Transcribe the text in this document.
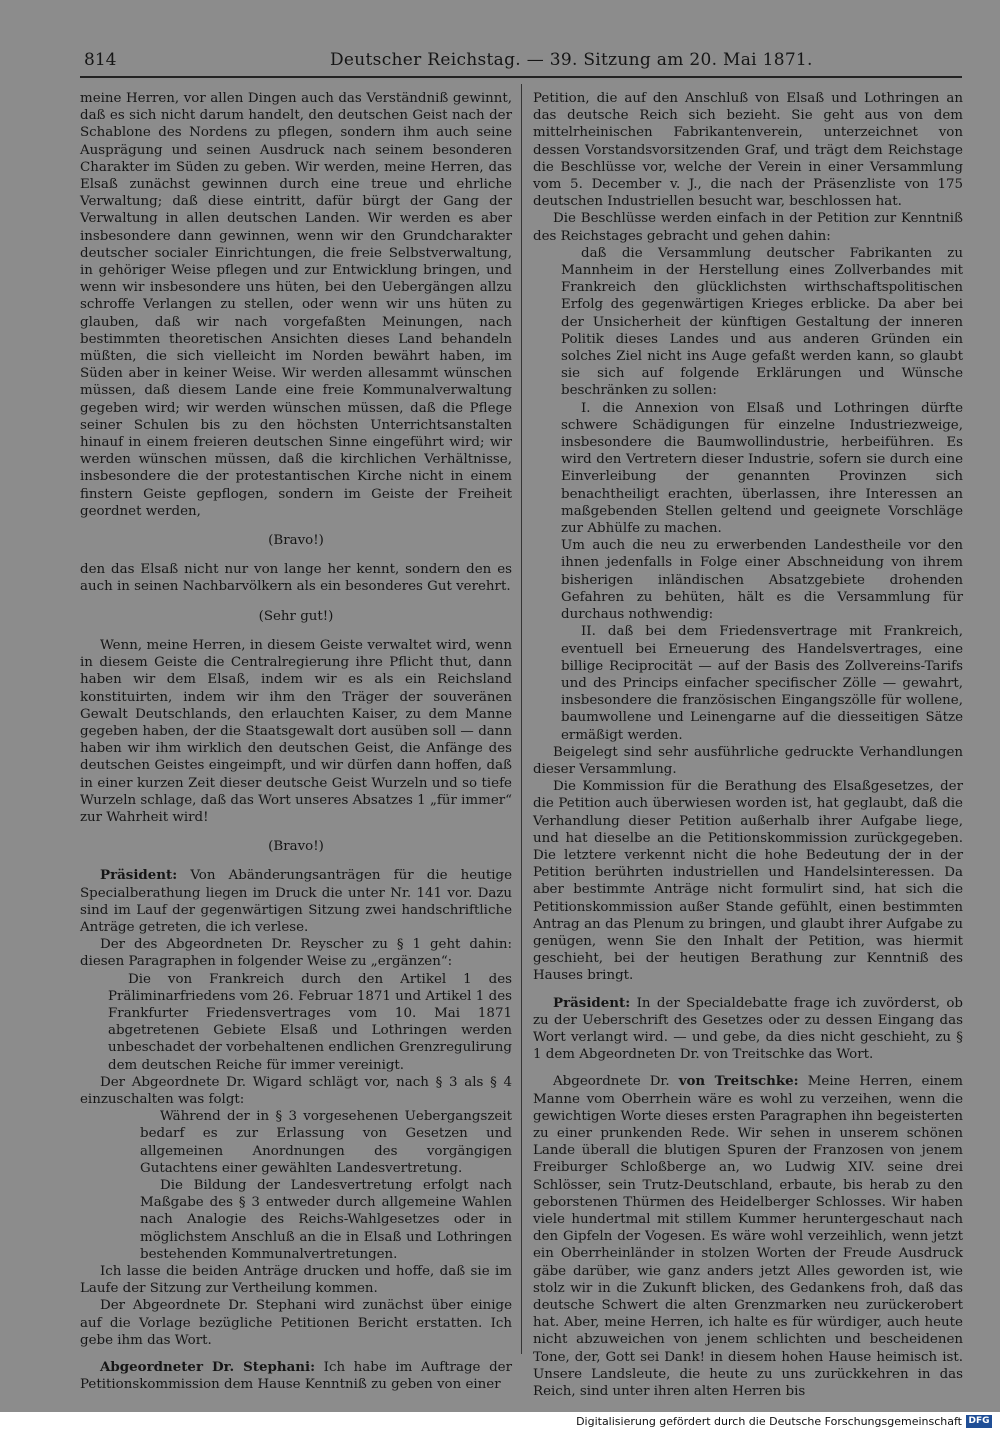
814	Deutscher Reichstag. — 39. Sitzung am 20. Mai 1871.

meine Herren, vor allen Dingen auch das Verständniß gewinnt, daß es sich nicht darum handelt, den deutschen Geist nach der Schablone des Nordens zu pflegen, sondern ihm auch seine Ausprägung und seinen Ausdruck nach seinem besonderen Charakter im Süden zu geben. Wir werden, meine Herren, das Elsaß zunächst gewinnen durch eine treue und ehrliche Verwaltung; daß diese eintritt, dafür bürgt der Gang der Verwaltung in allen deutschen Landen. Wir werden es aber insbesondere dann gewinnen, wenn wir den Grundcharakter deutscher socialer Einrichtungen, die freie Selbstverwaltung, in gehöriger Weise pflegen und zur Entwicklung bringen, und wenn wir insbesondere uns hüten, bei den Uebergängen allzu schroffe Verlangen zu stellen, oder wenn wir uns hüten zu glauben, daß wir nach vorgefaßten Meinungen, nach bestimmten theoretischen Ansichten dieses Land behandeln müßten, die sich vielleicht im Norden bewährt haben, im Süden aber in keiner Weise. Wir werden allesammt wünschen müssen, daß diesem Lande eine freie Kommunalverwaltung gegeben wird; wir werden wünschen müssen, daß die Pflege seiner Schulen bis zu den höchsten Unterrichtsanstalten hinauf in einem freieren deutschen Sinne eingeführt wird; wir werden wünschen müssen, daß die kirchlichen Verhältnisse, insbesondere die der protestantischen Kirche nicht in einem finstern Geiste gepflogen, sondern im Geiste der Freiheit geordnet werden,

(Bravo!)

den das Elsaß nicht nur von lange her kennt, sondern den es auch in seinen Nachbarvölkern als ein besonderes Gut verehrt.

(Sehr gut!)

Wenn, meine Herren, in diesem Geiste verwaltet wird, wenn in diesem Geiste die Centralregierung ihre Pflicht thut, dann haben wir dem Elsaß, indem wir es als ein Reichsland konstituirten, indem wir ihm den Träger der souveränen Gewalt Deutschlands, den erlauchten Kaiser, zu dem Manne gegeben haben, der die Staatsgewalt dort ausüben soll — dann haben wir ihm wirklich den deutschen Geist, die Anfänge des deutschen Geistes eingeimpft, und wir dürfen dann hoffen, daß in einer kurzen Zeit dieser deutsche Geist Wurzeln und so tiefe Wurzeln schlage, daß das Wort unseres Absatzes 1 „für immer“ zur Wahrheit wird!

(Bravo!)

Präsident: Von Abänderungsanträgen für die heutige Specialberathung liegen im Druck die unter Nr. 141 vor. Dazu sind im Lauf der gegenwärtigen Sitzung zwei handschriftliche Anträge getreten, die ich verlese.

Der des Abgeordneten Dr. Reyscher zu § 1 geht dahin: diesen Paragraphen in folgender Weise zu „ergänzen“:

Die von Frankreich durch den Artikel 1 des Präliminarfriedens vom 26. Februar 1871 und Artikel 1 des Frankfurter Friedensvertrages vom 10. Mai 1871 abgetretenen Gebiete Elsaß und Lothringen werden unbeschadet der vorbehaltenen endlichen Grenzregulirung dem deutschen Reiche für immer vereinigt.

Der Abgeordnete Dr. Wigard schlägt vor, nach § 3 als § 4 einzuschalten was folgt:

Während der in § 3 vorgesehenen Uebergangszeit bedarf es zur Erlassung von Gesetzen und allgemeinen Anordnungen des vorgängigen Gutachtens einer gewählten Landesvertretung.

Die Bildung der Landesvertretung erfolgt nach Maßgabe des § 3 entweder durch allgemeine Wahlen nach Analogie des Reichs-Wahlgesetzes oder in möglichstem Anschluß an die in Elsaß und Lothringen bestehenden Kommunalvertretungen.

Ich lasse die beiden Anträge drucken und hoffe, daß sie im Laufe der Sitzung zur Vertheilung kommen.

Der Abgeordnete Dr. Stephani wird zunächst über einige auf die Vorlage bezügliche Petitionen Bericht erstatten. Ich gebe ihm das Wort.

Abgeordneter Dr. Stephani: Ich habe im Auftrage der Petitionskommission dem Hause Kenntniß zu geben von einer

Petition, die auf den Anschluß von Elsaß und Lothringen an das deutsche Reich sich bezieht. Sie geht aus von dem mittelrheinischen Fabrikantenverein, unterzeichnet von dessen Vorstandsvorsitzenden Graf, und trägt dem Reichstage die Beschlüsse vor, welche der Verein in einer Versammlung vom 5. December v. J., die nach der Präsenzliste von 175 deutschen Industriellen besucht war, beschlossen hat.

Die Beschlüsse werden einfach in der Petition zur Kenntniß des Reichstages gebracht und gehen dahin:

daß die Versammlung deutscher Fabrikanten zu Mannheim in der Herstellung eines Zollverbandes mit Frankreich den glücklichsten wirthschaftspolitischen Erfolg des gegenwärtigen Krieges erblicke. Da aber bei der Unsicherheit der künftigen Gestaltung der inneren Politik dieses Landes und aus anderen Gründen ein solches Ziel nicht ins Auge gefaßt werden kann, so glaubt sie sich auf folgende Erklärungen und Wünsche beschränken zu sollen:

I. die Annexion von Elsaß und Lothringen dürfte schwere Schädigungen für einzelne Industriezweige, insbesondere die Baumwollindustrie, herbeiführen. Es wird den Vertretern dieser Industrie, sofern sie durch eine Einverleibung der genannten Provinzen sich benachtheiligt erachten, überlassen, ihre Interessen an maßgebenden Stellen geltend und geeignete Vorschläge zur Abhülfe zu machen.

Um auch die neu zu erwerbenden Landestheile vor den ihnen jedenfalls in Folge einer Abschneidung von ihrem bisherigen inländischen Absatzgebiete drohenden Gefahren zu behüten, hält es die Versammlung für durchaus nothwendig:

II. daß bei dem Friedensvertrage mit Frankreich, eventuell bei Erneuerung des Handelsvertrages, eine billige Reciprocität — auf der Basis des Zollvereins-Tarifs und des Princips einfacher specifischer Zölle — gewahrt, insbesondere die französischen Eingangszölle für wollene, baumwollene und Leinengarne auf die diesseitigen Sätze ermäßigt werden.

Beigelegt sind sehr ausführliche gedruckte Verhandlungen dieser Versammlung.

Die Kommission für die Berathung des Elsaßgesetzes, der die Petition auch überwiesen worden ist, hat geglaubt, daß die Verhandlung dieser Petition außerhalb ihrer Aufgabe liege, und hat dieselbe an die Petitionskommission zurückgegeben. Die letztere verkennt nicht die hohe Bedeutung der in der Petition berührten industriellen und Handelsinteressen. Da aber bestimmte Anträge nicht formulirt sind, hat sich die Petitionskommission außer Stande gefühlt, einen bestimmten Antrag an das Plenum zu bringen, und glaubt ihrer Aufgabe zu genügen, wenn Sie den Inhalt der Petition, was hiermit geschieht, bei der heutigen Berathung zur Kenntniß des Hauses bringt.

Präsident: In der Specialdebatte frage ich zuvörderst, ob zu der Ueberschrift des Gesetzes oder zu dessen Eingang das Wort verlangt wird. — und gebe, da dies nicht geschieht, zu § 1 dem Abgeordneten Dr. von Treitschke das Wort.

Abgeordnete Dr. von Treitschke: Meine Herren, einem Manne vom Oberrhein wäre es wohl zu verzeihen, wenn die gewichtigen Worte dieses ersten Paragraphen ihn begeisterten zu einer prunkenden Rede. Wir sehen in unserem schönen Lande überall die blutigen Spuren der Franzosen von jenem Freiburger Schloßberge an, wo Ludwig XIV. seine drei Schlösser, sein Trutz-Deutschland, erbaute, bis herab zu den geborstenen Thürmen des Heidelberger Schlosses. Wir haben viele hundertmal mit stillem Kummer heruntergeschaut nach den Gipfeln der Vogesen. Es wäre wohl verzeihlich, wenn jetzt ein Oberrheinländer in stolzen Worten der Freude Ausdruck gäbe darüber, wie ganz anders jetzt Alles geworden ist, wie stolz wir in die Zukunft blicken, des Gedankens froh, daß das deutsche Schwert die alten Grenzmarken neu zurückerobert hat. Aber, meine Herren, ich halte es für würdiger, auch heute nicht abzuweichen von jenem schlichten und bescheidenen Tone, der, Gott sei Dank! in diesem hohen Hause heimisch ist. Unsere Landsleute, die heute zu uns zurückkehren in das Reich, sind unter ihren alten Herren bis

Digitalisierung gefördert durch die Deutsche Forschungsgemeinschaft DFG
